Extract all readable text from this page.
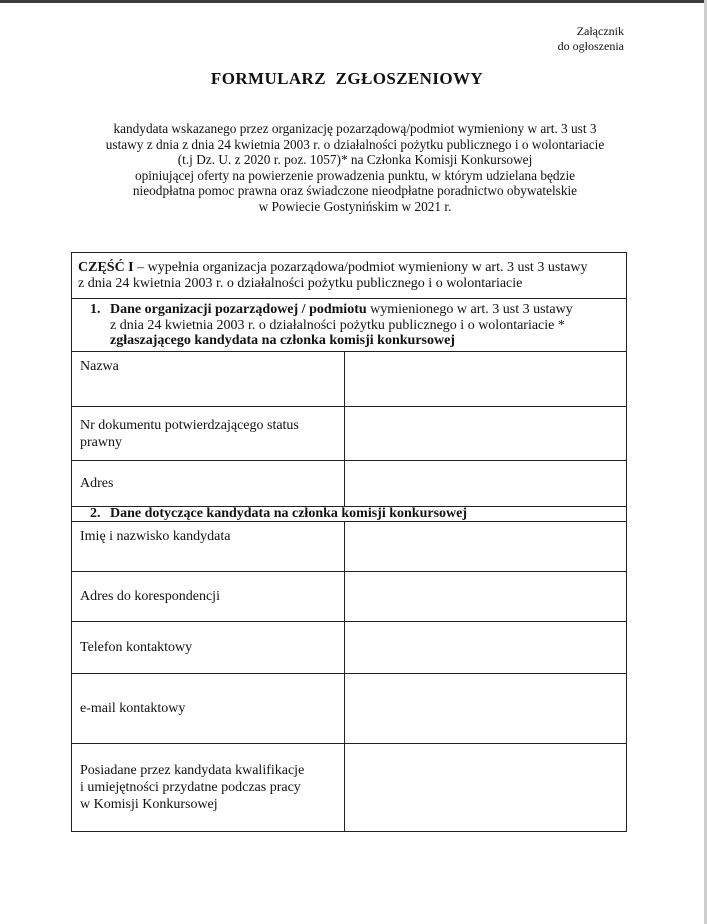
Załącznik
do ogłoszenia
FORMULARZ ZGŁOSZENIOWY
kandydata wskazanego przez organizację pozarządową/podmiot wymieniony w art. 3 ust 3
ustawy z dnia z dnia 24 kwietnia 2003 r. o działalności pożytku publicznego i o wolontariacie
(t.j Dz. U. z 2020 r. poz. 1057)* na Członka Komisji Konkursowej
opiniującej oferty na powierzenie prowadzenia punktu, w którym udzielana będzie
nieodpłatna pomoc prawna oraz świadczone nieodpłatne poradnictwo obywatelskie
w Powiecie Gostynińskim w 2021 r.
CZĘŚĆ I – wypełnia organizacja pozarządowa/podmiot wymieniony w art. 3 ust 3 ustawy
z dnia 24 kwietnia 2003 r. o działalności pożytku publicznego i o wolontariacie
1. Dane organizacji pozarządowej / podmiotu wymienionego w art. 3 ust 3 ustawy
z dnia 24 kwietnia 2003 r. o działalności pożytku publicznego i o wolontariacie *
zgłaszającego kandydata na członka komisji konkursowej
Nazwa
Nr dokumentu potwierdzającego status
prawny
Adres
2. Dane dotyczące kandydata na członka komisji konkursowej
Imię i nazwisko kandydata
Adres do korespondencji
Telefon kontaktowy
e-mail kontaktowy
Posiadane przez kandydata kwalifikacje
i umiejętności przydatne podczas pracy
w Komisji Konkursowej
